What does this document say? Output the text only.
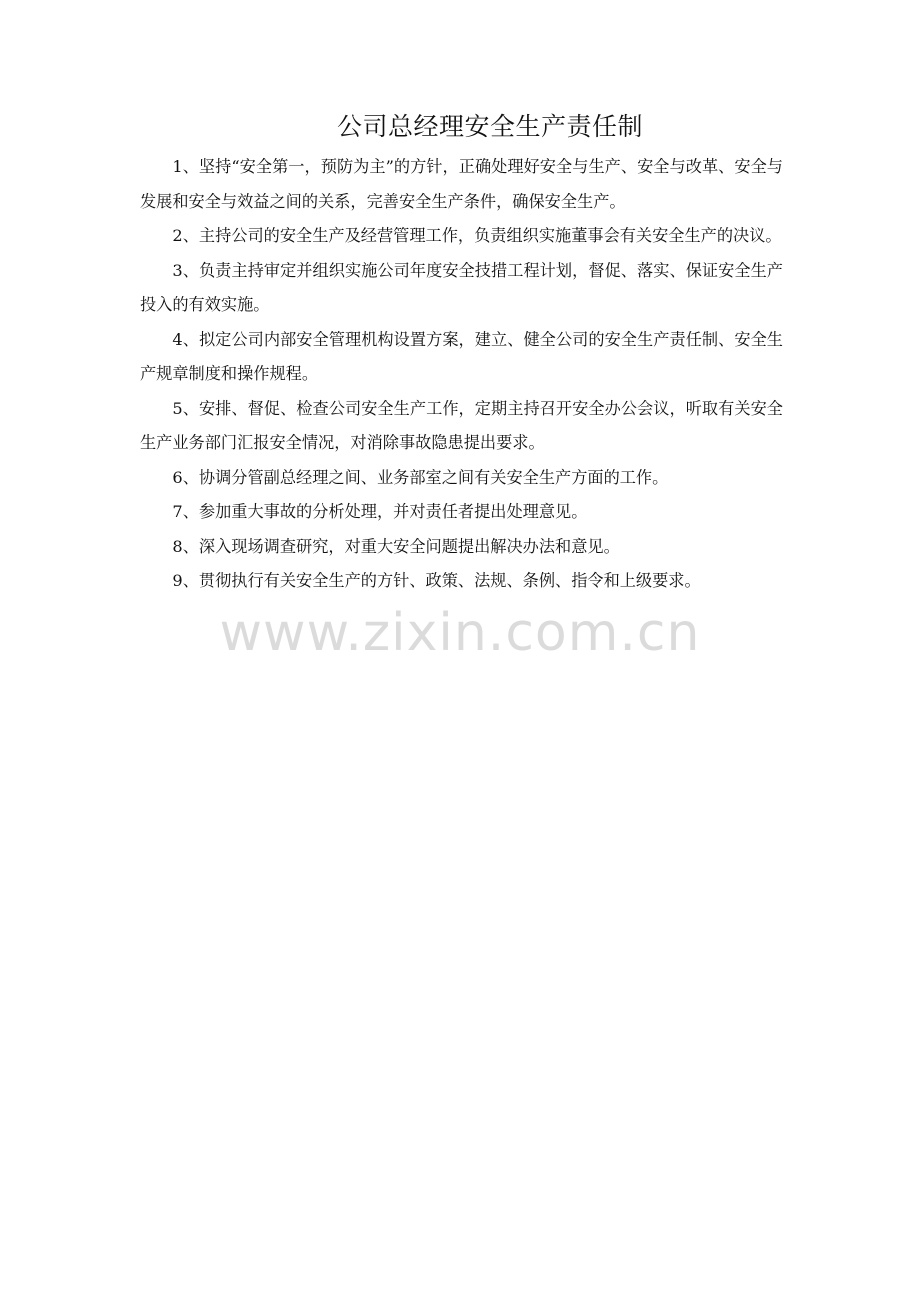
公司总经理安全生产责任制

1、坚持“安全第一，预防为主”的方针，正确处理好安全与生产、安全与改革、安全与发展和安全与效益之间的关系，完善安全生产条件，确保安全生产。

2、主持公司的安全生产及经营管理工作，负责组织实施董事会有关安全生产的决议。

3、负责主持审定并组织实施公司年度安全技措工程计划，督促、落实、保证安全生产投入的有效实施。

4、拟定公司内部安全管理机构设置方案，建立、健全公司的安全生产责任制、安全生产规章制度和操作规程。

5、安排、督促、检查公司安全生产工作，定期主持召开安全办公会议，听取有关安全生产业务部门汇报安全情况，对消除事故隐患提出要求。

6、协调分管副总经理之间、业务部室之间有关安全生产方面的工作。

7、参加重大事故的分析处理，并对责任者提出处理意见。

8、深入现场调查研究，对重大安全问题提出解决办法和意见。

9、贯彻执行有关安全生产的方针、政策、法规、条例、指令和上级要求。

www.zixin.com.cn
